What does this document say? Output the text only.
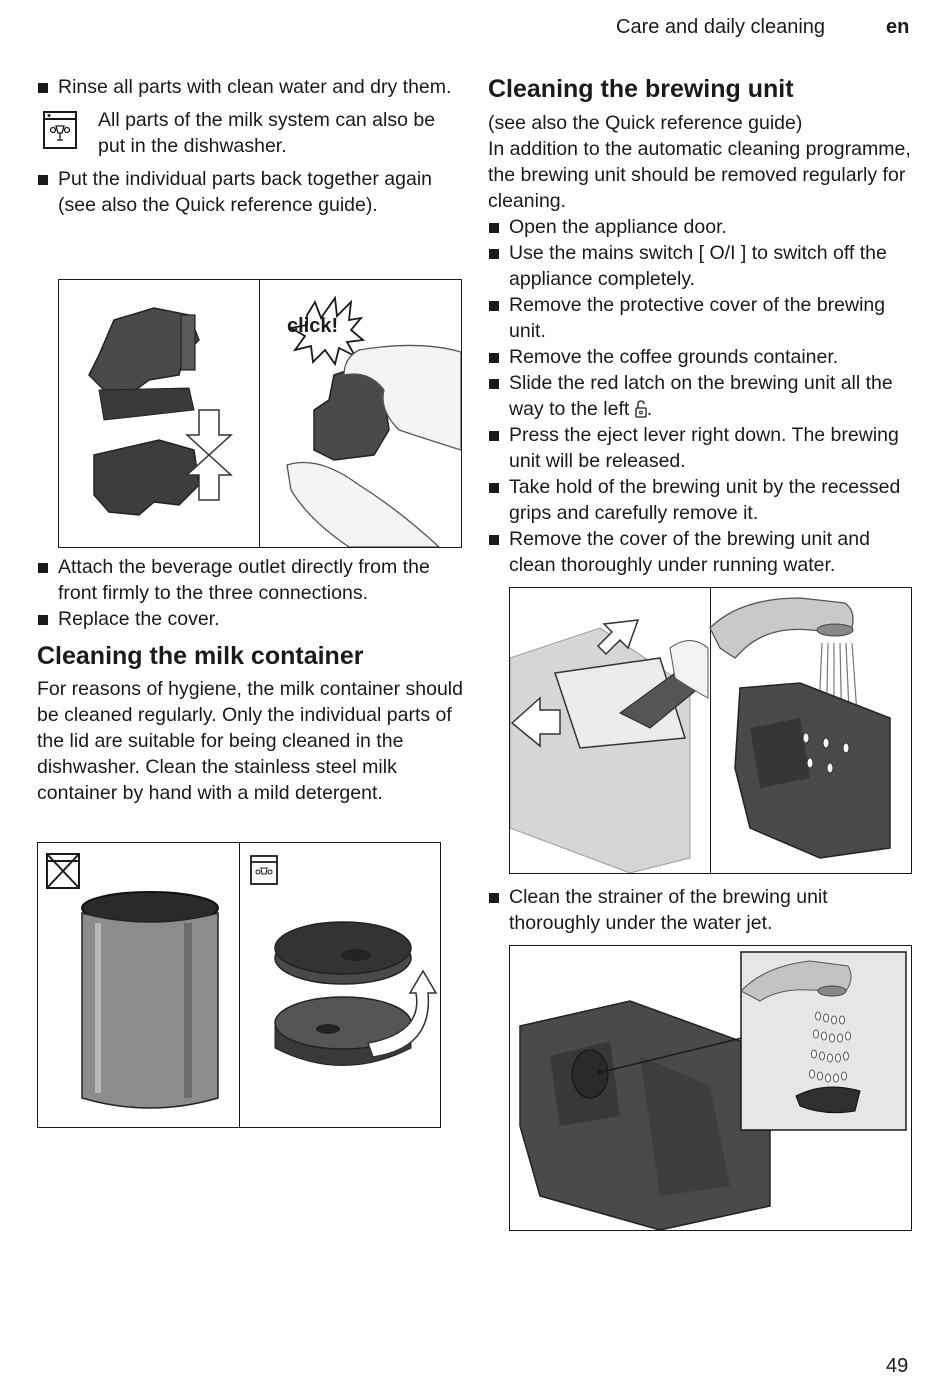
Care and daily cleaning	en

Rinse all parts with clean water and dry them.

All parts of the milk system can also be put in the dishwasher.

Put the individual parts back together again (see also the Quick reference guide).

click!

Attach the beverage outlet directly from the front firmly to the three connections.

Replace the cover.

Cleaning the milk container

For reasons of hygiene, the milk container should be cleaned regularly. Only the individual parts of the lid are suitable for being cleaned in the dishwasher. Clean the stainless steel milk container by hand with a mild detergent.

Cleaning the brewing unit

(see also the Quick reference guide)

In addition to the automatic cleaning programme, the brewing unit should be removed regularly for cleaning.

Open the appliance door.

Use the mains switch [ O/I ] to switch off the appliance completely.

Remove the protective cover of the brewing unit.

Remove the coffee grounds container.

Slide the red latch on the brewing unit all the way to the left .

Press the eject lever right down. The brewing unit will be released.

Take hold of the brewing unit by the recessed grips and carefully remove it.

Remove the cover of the brewing unit and clean thoroughly under running water.

Clean the strainer of the brewing unit thoroughly under the water jet.

49
